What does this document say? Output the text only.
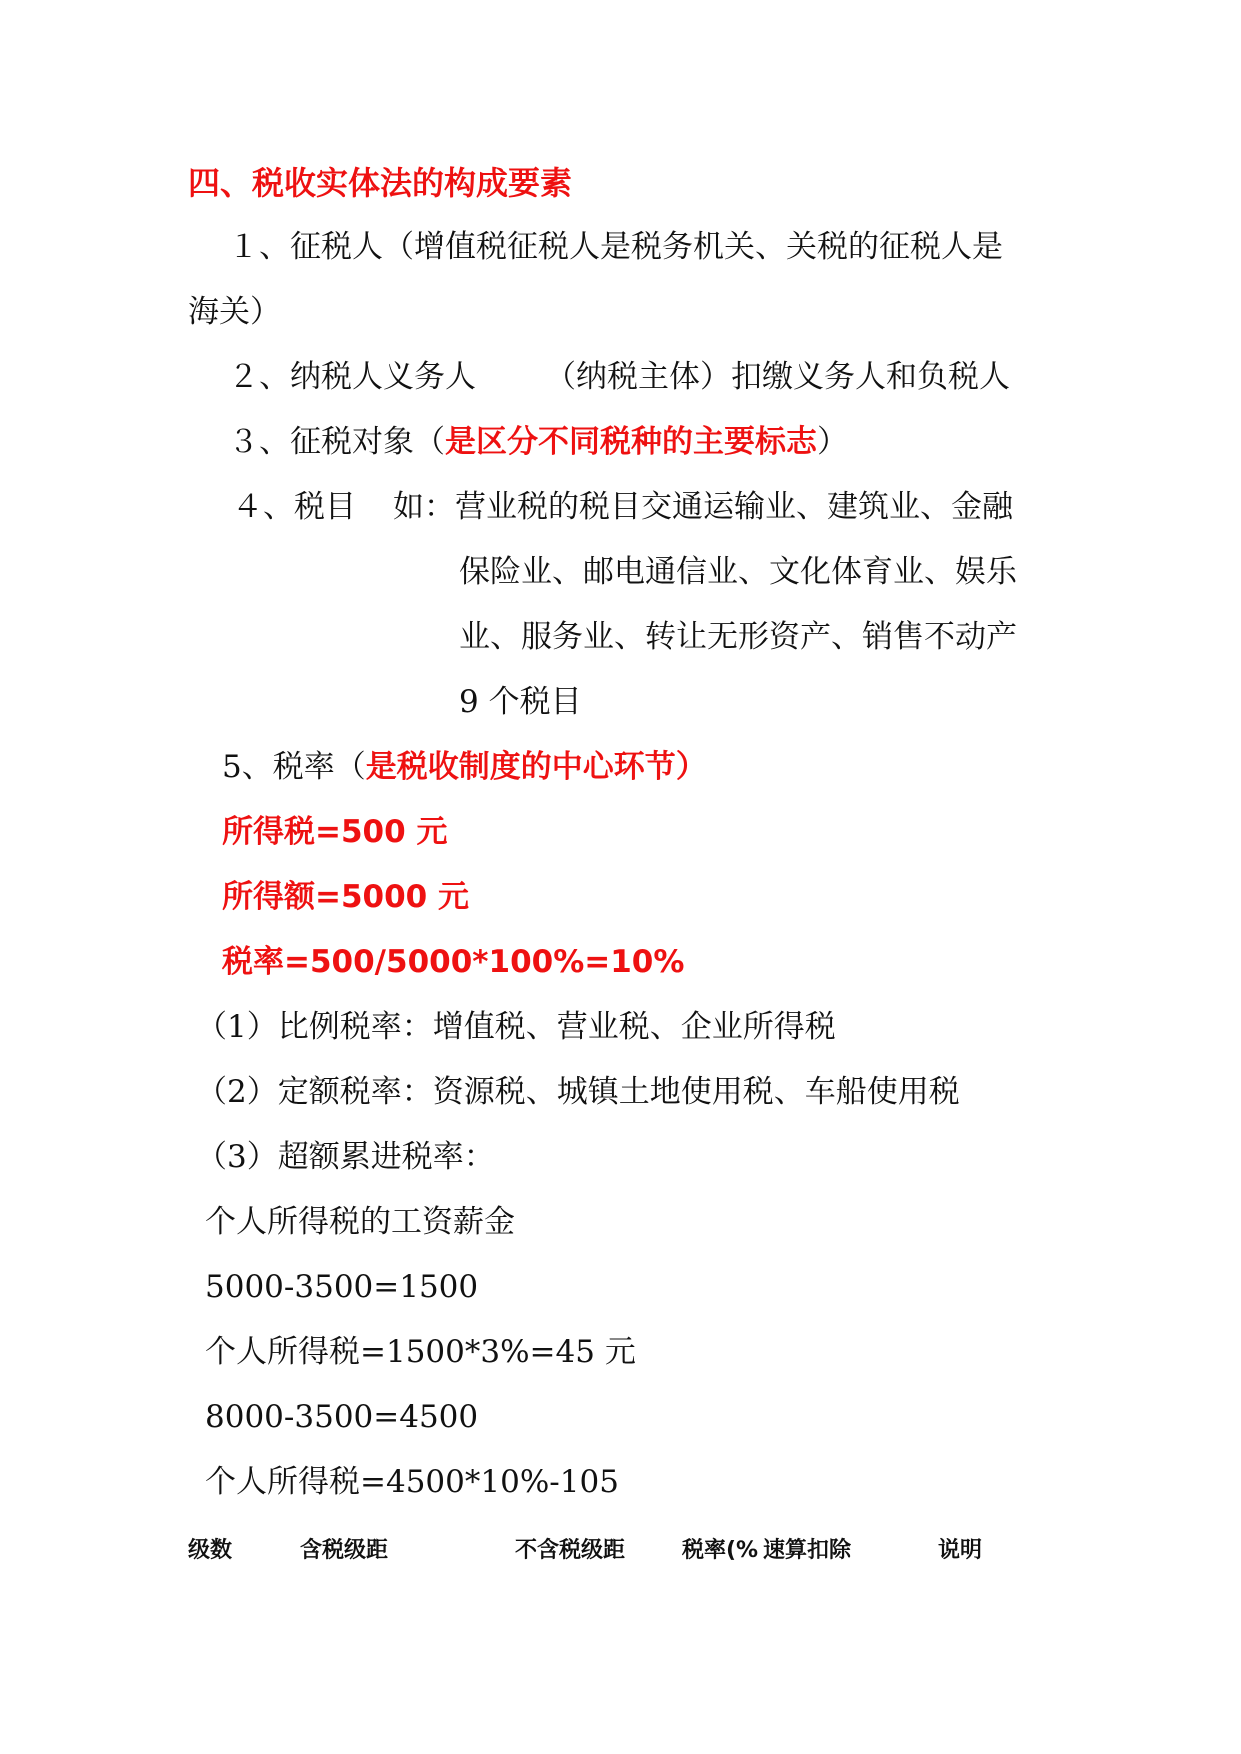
四、税收实体法的构成要素
１、征税人（增值税征税人是税务机关、关税的征税人是
海关）
２、纳税人义务人 （纳税主体）扣缴义务人和负税人
３、征税对象（是区分不同税种的主要标志）
４、税目 如：营业税的税目交通运输业、建筑业、金融
保险业、邮电通信业、文化体育业、娱乐
业、服务业、转让无形资产、销售不动产
9 个税目
5、税率（是税收制度的中心环节）
所得税=500 元
所得额=5000 元
税率=500/5000*100%=10%
（1）比例税率：增值税、营业税、企业所得税
（2）定额税率：资源税、城镇土地使用税、车船使用税
（3）超额累进税率：
个人所得税的工资薪金
5000-3500=1500
个人所得税=1500*3%=45 元
8000-3500=4500
个人所得税=4500*10%-105
级数	含税级距	不含税级距	税率(% 速算扣除	说明
